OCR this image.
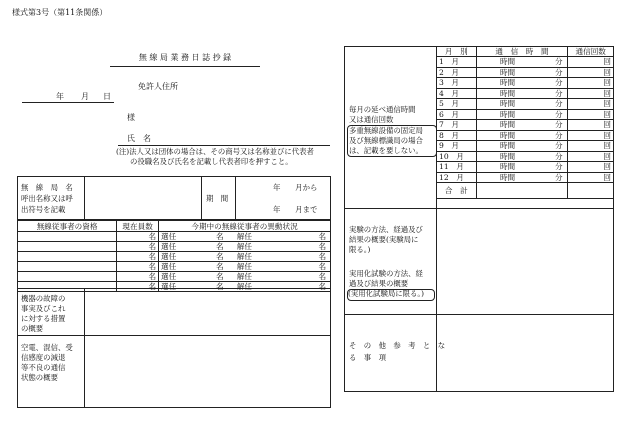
様式第3号（第11条関係）
無 線 局 業 務 日 誌 抄 録
免許人住所
年 月 日
様
氏　名
(注)法人又は団体の場合は、その商号又は名称並びに代表者
の役職名及び氏名を記載し代表者印を押すこと。
無　線　局　名
呼出名称又は呼
出符号を記載
期　間
年　　月から
年　　月まで
無線従事者の資格	現在員数	今期中の無線従事者の異動状況
	名	選任 名 解任 名
	名	選任 名 解任 名
	名	選任 名 解任 名
	名	選任 名 解任 名
	名	選任 名 解任 名
	名	選任 名 解任 名
機器の故障の
事実及びこれ
に対する措置
の概要
空電、混信、受
信感度の減退
等不良の通信
状態の概要
毎月の延べ通信時間
又は通信回数
多重無線設備の固定局
及び無線標識局の場合
は、記載を要しない。
実験の方法、経過及び
結果の概要(実験局に
限る。)
実用化試験の方法、経
過及び結果の概要
(実用化試験局に限る。)
そ　の　他　参　考　と　な
る　事　項
月　別	通　信　時　間	通信回数
1　月	時間 分	回
2　月	時間 分	回
3　月	時間 分	回
4　月	時間 分	回
5　月	時間 分	回
6　月	時間 分	回
7　月	時間 分	回
8　月	時間 分	回
9　月	時間 分	回
10　月	時間 分	回
11　月	時間 分	回
12　月	時間 分	回
合　計		
